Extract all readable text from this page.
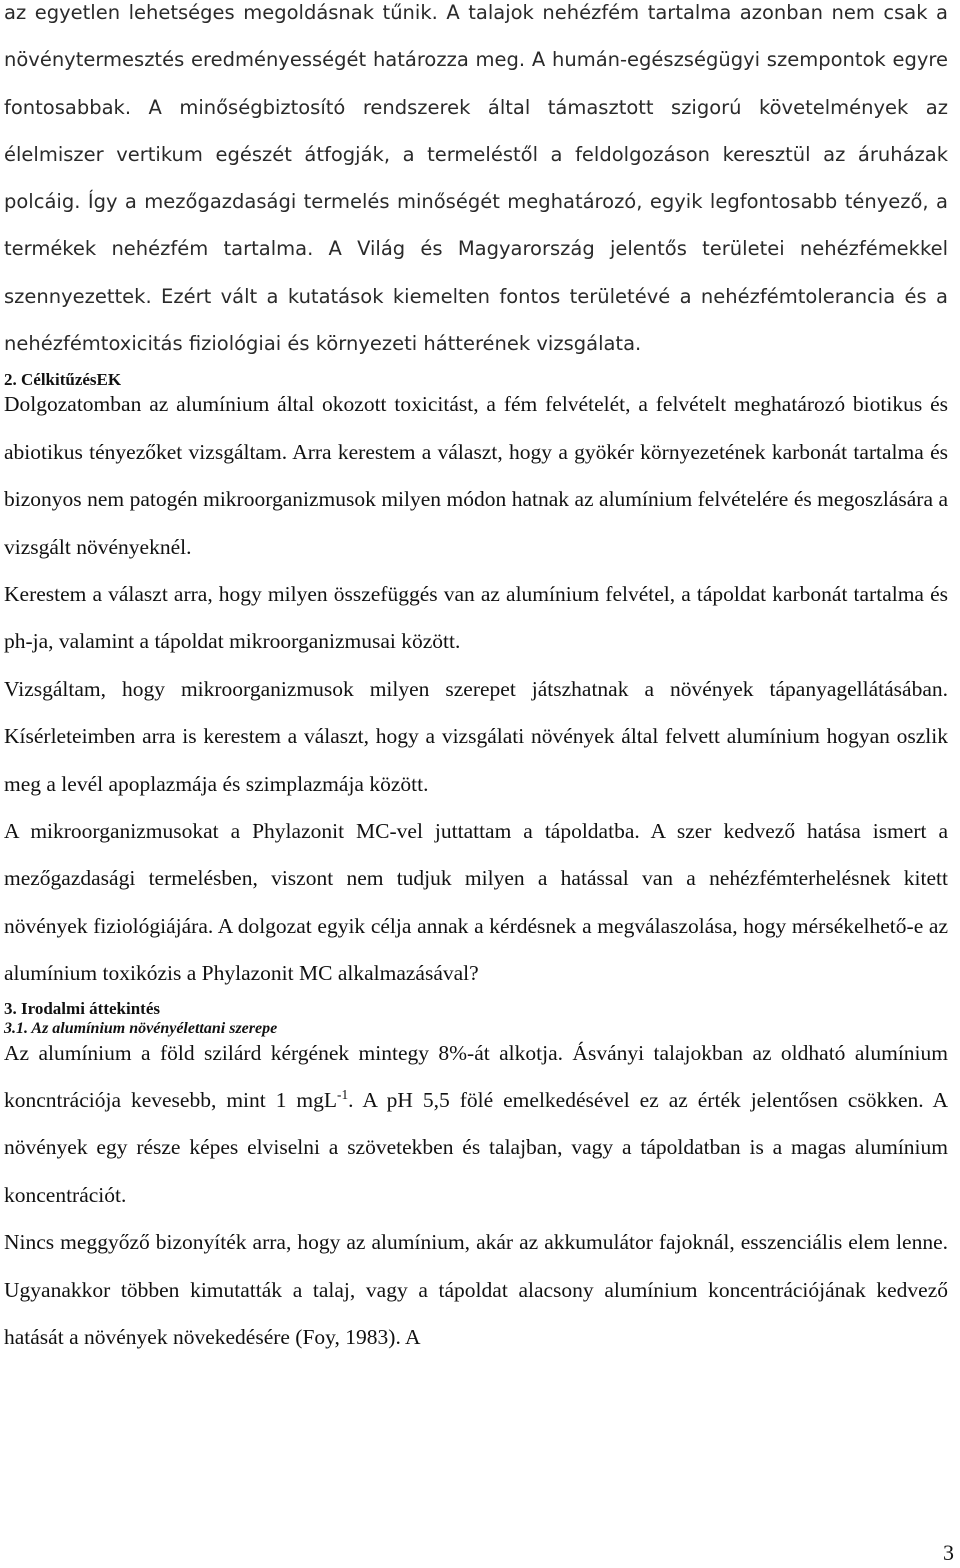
az egyetlen lehetséges megoldásnak tűnik. A talajok nehézfém tartalma azonban nem csak a növénytermesztés eredményességét határozza meg. A humán-egészségügyi szempontok egyre fontosabbak. A minőségbiztosító rendszerek által támasztott szigorú követelmények az élelmiszer vertikum egészét átfogják, a termeléstől a feldolgozáson keresztül az áruházak polcáig. Így a mezőgazdasági termelés minőségét meghatározó, egyik legfontosabb tényező, a termékek nehézfém tartalma. A Világ és Magyarország jelentős területei nehézfémekkel szennyezettek. Ezért vált a kutatások kiemelten fontos területévé a nehézfémtolerancia és a nehézfémtoxicitás fiziológiai és környezeti hátterének vizsgálata.

2. CélkitűzésEK

Dolgozatomban az alumínium által okozott toxicitást, a fém felvételét, a felvételt meghatározó biotikus és abiotikus tényezőket vizsgáltam. Arra kerestem a választ, hogy a gyökér környezetének karbonát tartalma és bizonyos nem patogén mikroorganizmusok milyen módon hatnak az alumínium felvételére és megoszlására a vizsgált növényeknél.

Kerestem a választ arra, hogy milyen összefüggés van az alumínium felvétel, a tápoldat karbonát tartalma és ph-ja, valamint a tápoldat mikroorganizmusai között.

Vizsgáltam, hogy mikroorganizmusok milyen szerepet játszhatnak a növények tápanyagellátásában. Kísérleteimben arra is kerestem a választ, hogy a vizsgálati növények által felvett alumínium hogyan oszlik meg a levél apoplazmája és szimplazmája között.

A mikroorganizmusokat a Phylazonit MC-vel juttattam a tápoldatba. A szer kedvező hatása ismert a mezőgazdasági termelésben, viszont nem tudjuk milyen a hatással van a nehézfémterhelésnek kitett növények fiziológiájára. A dolgozat egyik célja annak a kérdésnek a megválaszolása, hogy mérsékelhető-e az alumínium toxikózis a Phylazonit MC alkalmazásával?

3. Irodalmi áttekintés
3.1. Az alumínium növényélettani szerepe

Az alumínium a föld szilárd kérgének mintegy 8%-át alkotja. Ásványi talajokban az oldható alumínium koncntrációja kevesebb, mint 1 mgL$^{-1}$. A pH 5,5 fölé emelkedésével ez az érték jelentősen csökken. A növények egy része képes elviselni a szövetekben és talajban, vagy a tápoldatban is a magas alumínium koncentrációt.

Nincs meggyőző bizonyíték arra, hogy az alumínium, akár az akkumulátor fajoknál, esszenciális elem lenne. Ugyanakkor többen kimutatták a talaj, vagy a tápoldat alacsony alumínium koncentrációjának kedvező hatását a növények növekedésére (Foy, 1983). A

3
